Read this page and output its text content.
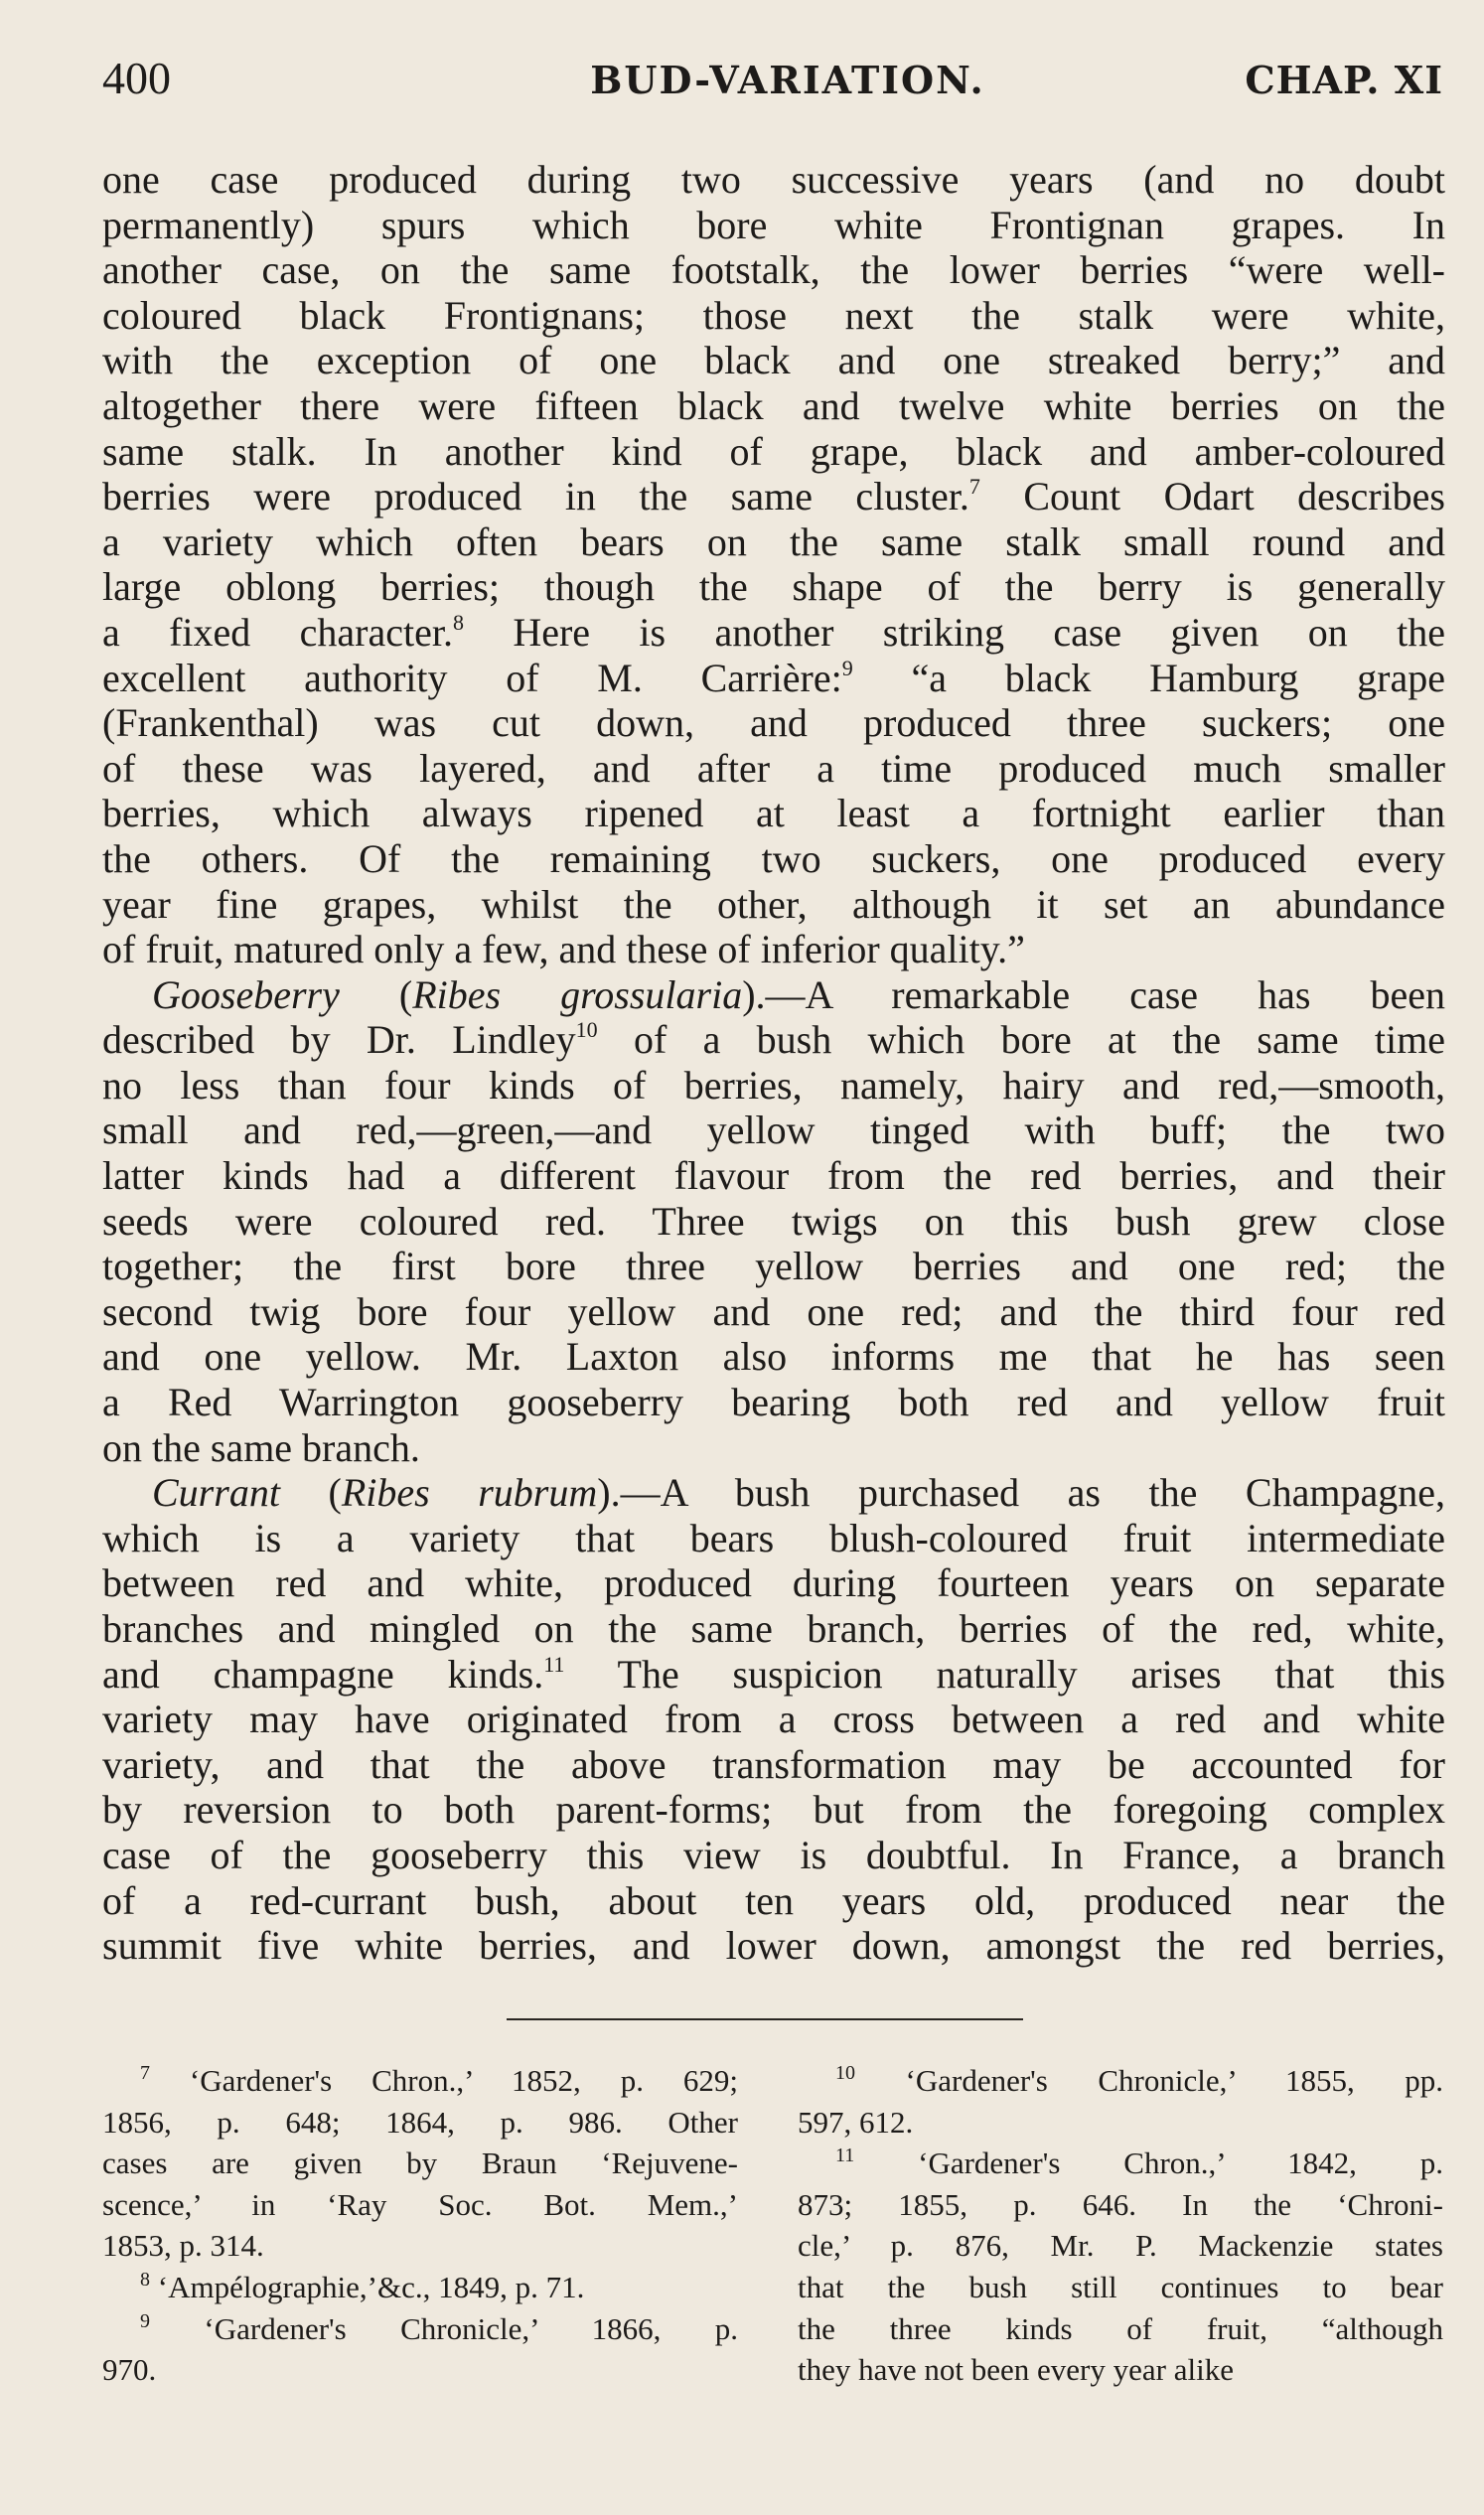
400	BUD-VARIATION.	CHAP. XI
one case produced during two successive years (and no doubt
permanently) spurs which bore white Frontignan grapes. In
another case, on the same footstalk, the lower berries “were well-
coloured black Frontignans; those next the stalk were white,
with the exception of one black and one streaked berry;” and
altogether there were fifteen black and twelve white berries on the
same stalk. In another kind of grape, black and amber-coloured
berries were produced in the same cluster.$^7$ Count Odart describes
a variety which often bears on the same stalk small round and
large oblong berries; though the shape of the berry is generally
a fixed character.$^8$ Here is another striking case given on the
excellent authority of M. Carrière:$^9$ “a black Hamburg grape
(Frankenthal) was cut down, and produced three suckers; one
of these was layered, and after a time produced much smaller
berries, which always ripened at least a fortnight earlier than
the others. Of the remaining two suckers, one produced every
year fine grapes, whilst the other, although it set an abundance
of fruit, matured only a few, and these of inferior quality.”
Gooseberry (Ribes grossularia).—A remarkable case has been
described by Dr. Lindley$^{10}$ of a bush which bore at the same time
no less than four kinds of berries, namely, hairy and red,—smooth,
small and red,—green,—and yellow tinged with buff; the two
latter kinds had a different flavour from the red berries, and their
seeds were coloured red. Three twigs on this bush grew close
together; the first bore three yellow berries and one red; the
second twig bore four yellow and one red; and the third four red
and one yellow. Mr. Laxton also informs me that he has seen
a Red Warrington gooseberry bearing both red and yellow fruit
on the same branch.
Currant (Ribes rubrum).—A bush purchased as the Champagne,
which is a variety that bears blush-coloured fruit intermediate
between red and white, produced during fourteen years on separate
branches and mingled on the same branch, berries of the red, white,
and champagne kinds.$^{11}$ The suspicion naturally arises that this
variety may have originated from a cross between a red and white
variety, and that the above transformation may be accounted for
by reversion to both parent-forms; but from the foregoing complex
case of the gooseberry this view is doubtful. In France, a branch
of a red-currant bush, about ten years old, produced near the
summit five white berries, and lower down, amongst the red berries,
$^7$ ‘Gardener's Chron.,’ 1852, p. 629;
1856, p. 648; 1864, p. 986. Other
cases are given by Braun ‘Rejuvene-
scence,’ in ‘Ray Soc. Bot. Mem.,’
1853, p. 314.
$^8$ ‘Ampélographie,’&c., 1849, p. 71.
$^9$ ‘Gardener's Chronicle,’ 1866, p.
970.
$^{10}$ ‘Gardener's Chronicle,’ 1855, pp.
597, 612.
$^{11}$ ‘Gardener's Chron.,’ 1842, p.
873; 1855, p. 646. In the ‘Chroni-
cle,’ p. 876, Mr. P. Mackenzie states
that the bush still continues to bear
the three kinds of fruit, “although
they have not been every year alike
